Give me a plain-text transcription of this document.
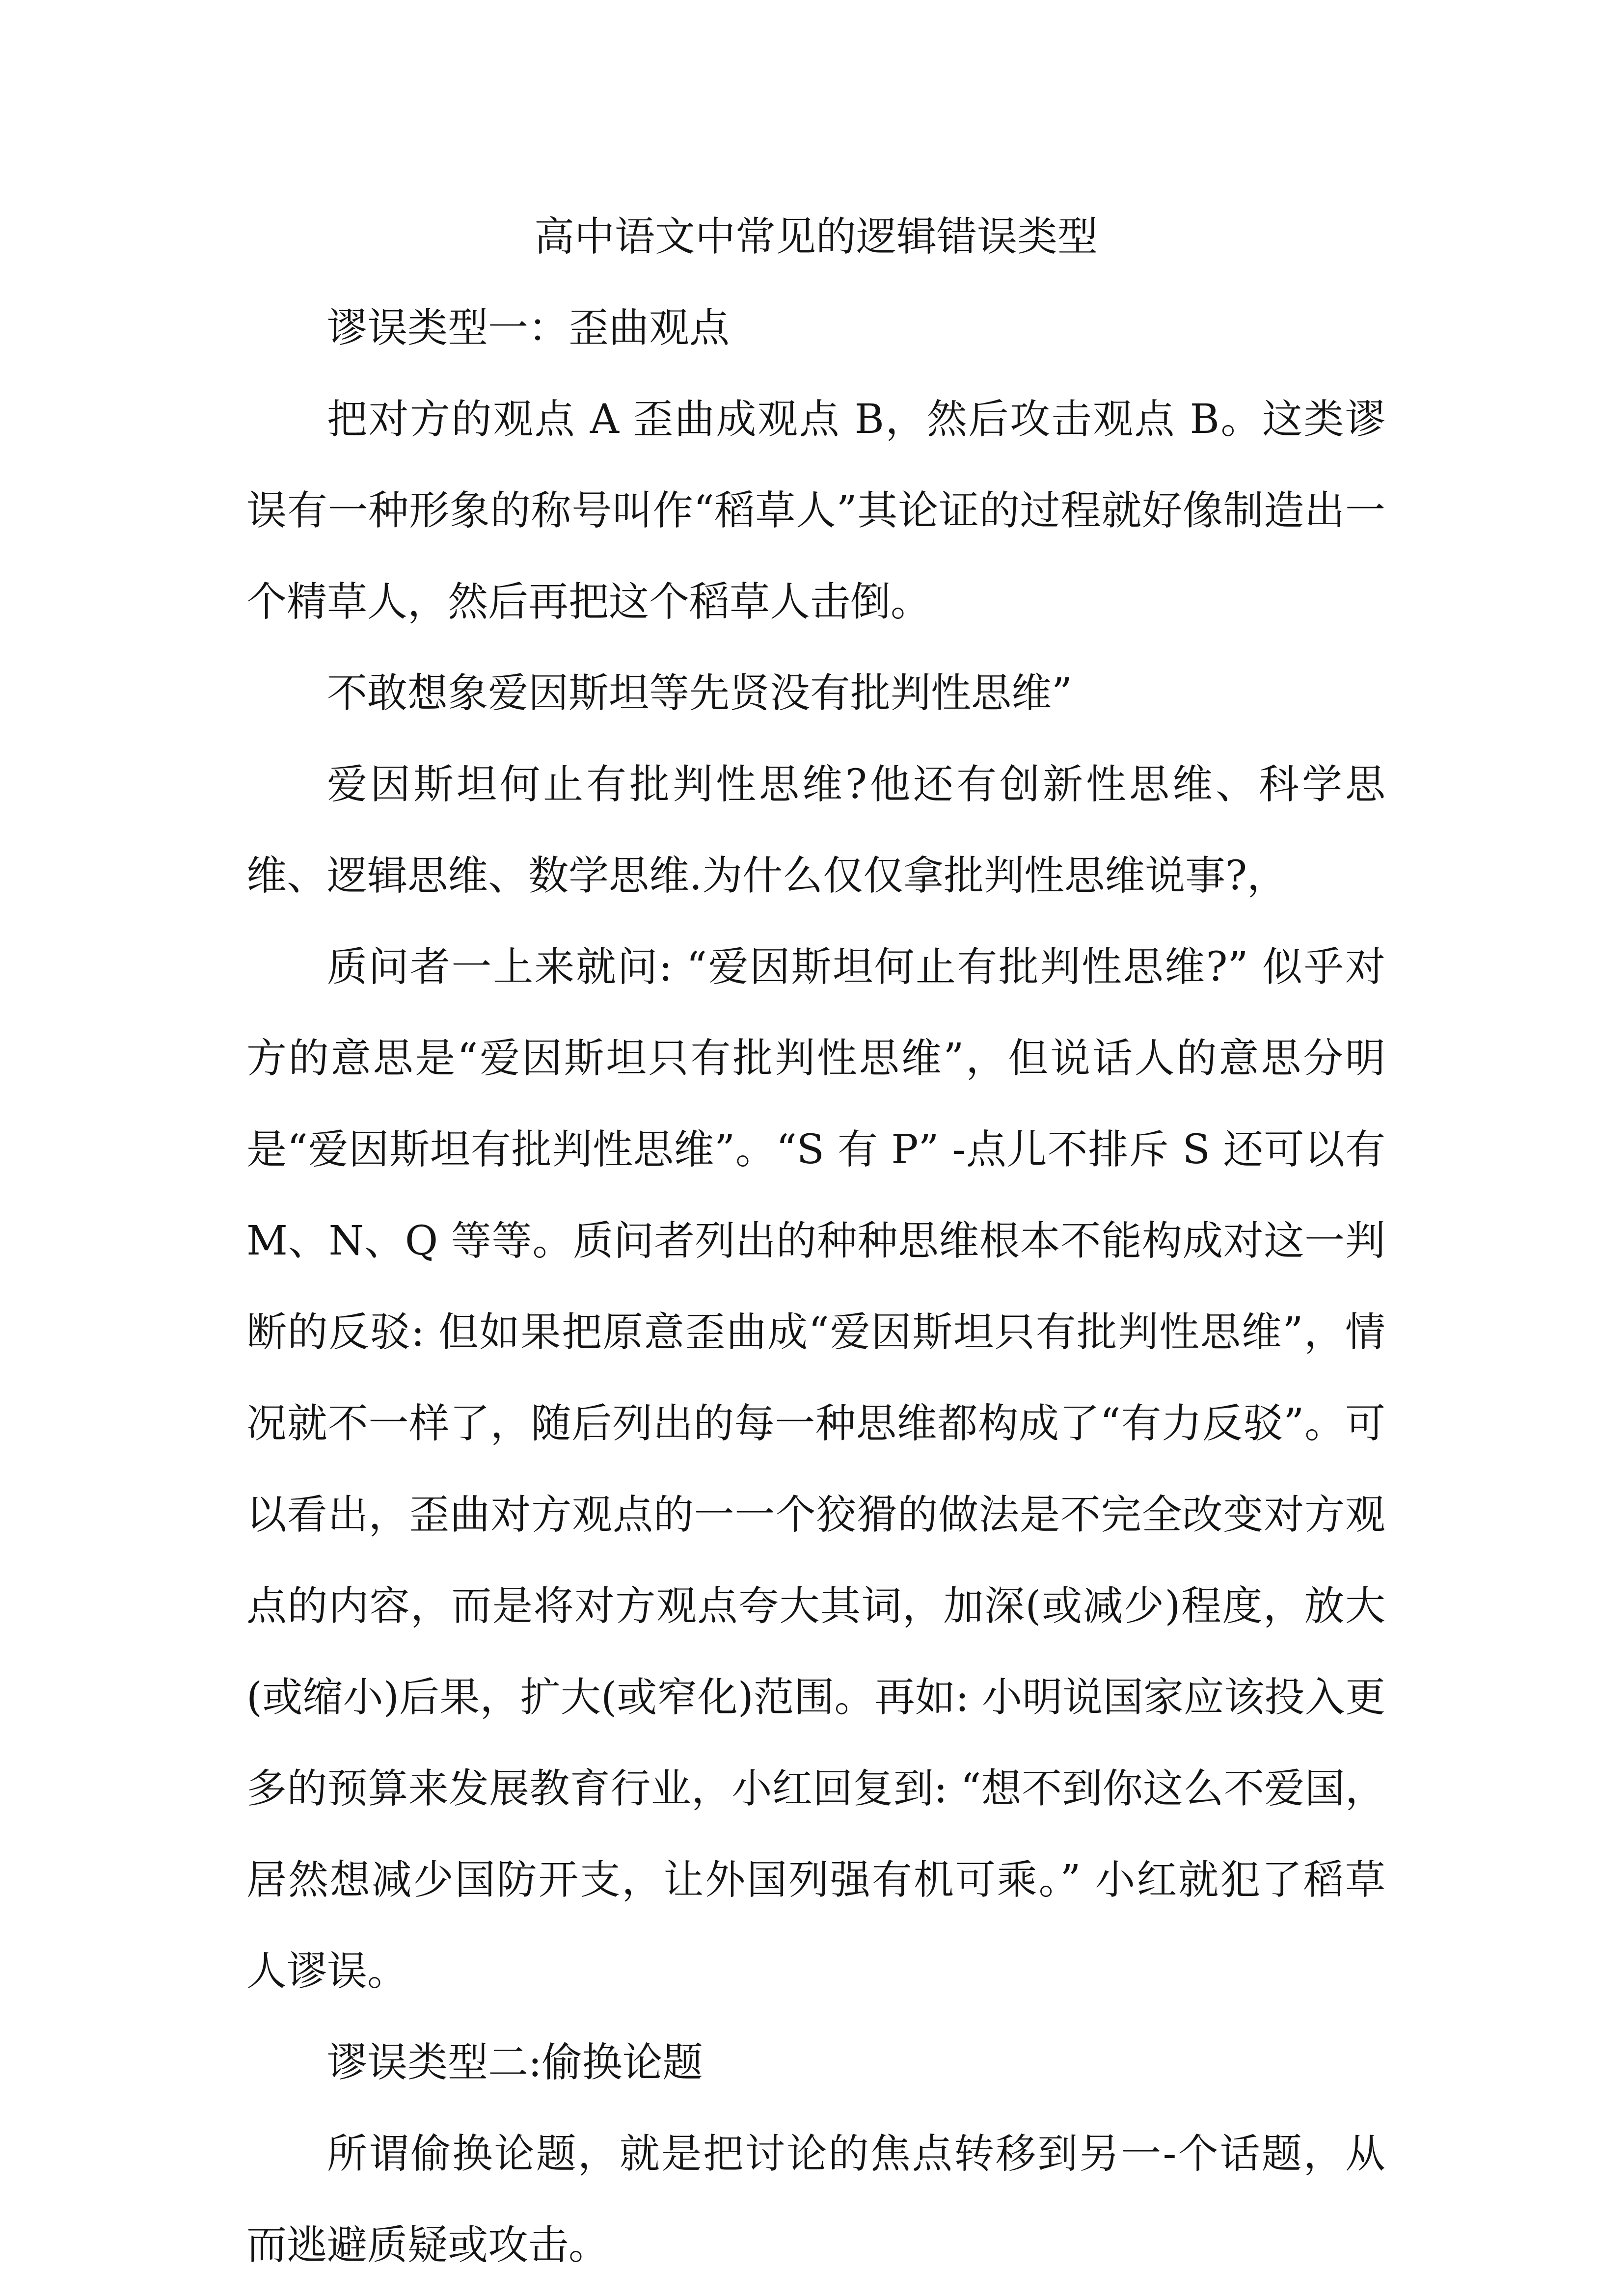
高中语文中常见的逻辑错误类型

谬误类型一：歪曲观点

把对方的观点 A 歪曲成观点 B，然后攻击观点 B。这类谬误有一种形象的称号叫作“稻草人”其论证的过程就好像制造出一个精草人，然后再把这个稻草人击倒。

不敢想象爱因斯坦等先贤没有批判性思维”

爱因斯坦何止有批判性思维?他还有创新性思维、科学思维、逻辑思维、数学思维.为什么仅仅拿批判性思维说事?，

质问者一上来就问: “爱因斯坦何止有批判性思维?” 似乎对方的意思是“爱因斯坦只有批判性思维”，但说话人的意思分明是“爱因斯坦有批判性思维”。“S 有 P” -点儿不排斥 S 还可以有 M、N、Q 等等。质问者列出的种种思维根本不能构成对这一判断的反驳: 但如果把原意歪曲成“爱因斯坦只有批判性思维”，情况就不一样了，随后列出的每一种思维都构成了“有力反驳”。可以看出，歪曲对方观点的一一个狡猾的做法是不完全改变对方观点的内容，而是将对方观点夸大其词，加深(或减少)程度，放大(或缩小)后果，扩大(或窄化)范围。再如: 小明说国家应该投入更多的预算来发展教育行业，小红回复到: “想不到你这么不爱国，居然想减少国防开支，让外国列强有机可乘。” 小红就犯了稻草人谬误。

谬误类型二:偷换论题

所谓偷换论题，就是把讨论的焦点转移到另一-个话题，从而逃避质疑或攻击。
